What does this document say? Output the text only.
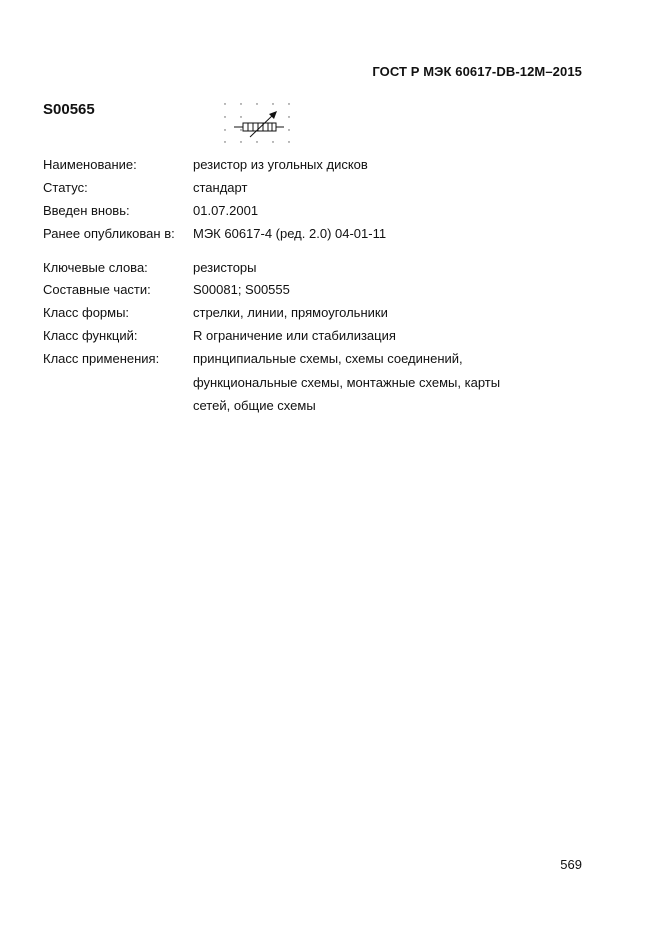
ГОСТ Р МЭК 60617-DB-12M–2015
S00565
Наименование:	резистор из угольных дисков
Статус:	стандарт
Введен вновь:	01.07.2001
Ранее опубликован в: МЭК 60617-4 (ред. 2.0) 04-01-11
Ключевые слова:	резисторы
Составные части:	S00081; S00555
Класс формы:	стрелки, линии, прямоугольники
Класс функций:	R ограничение или стабилизация
Класс применения:	принципиальные схемы, схемы соединений,
функциональные схемы, монтажные схемы, карты
сетей, общие схемы
569
